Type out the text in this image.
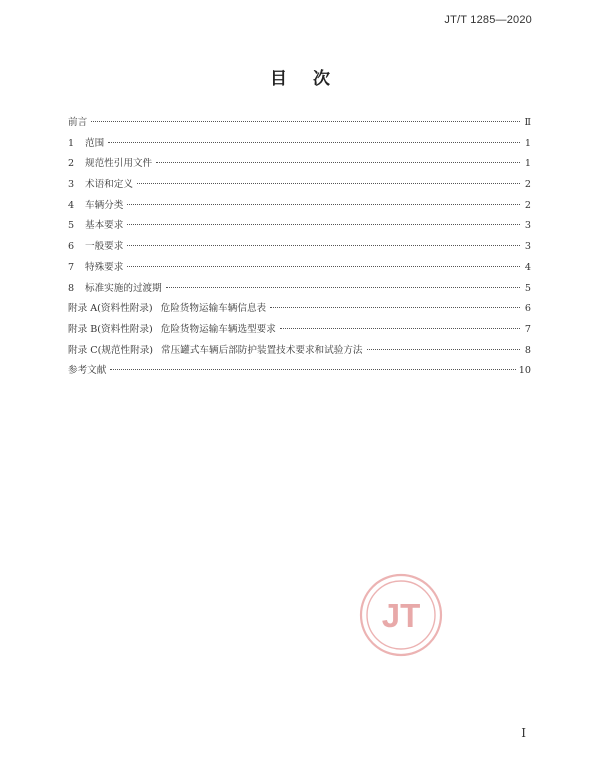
JT/T 1285—2020
目 次
前言	Ⅱ
1	范围	1
2	规范性引用文件	1
3	术语和定义	2
4	车辆分类	2
5	基本要求	3
6	一般要求	3
7	特殊要求	4
8	标准实施的过渡期	5
附录 A(资料性附录) 危险货物运输车辆信息表	6
附录 B(资料性附录) 危险货物运输车辆选型要求	7
附录 C(规范性附录) 常压罐式车辆后部防护装置技术要求和试验方法	8
参考文献	10
JT
I
